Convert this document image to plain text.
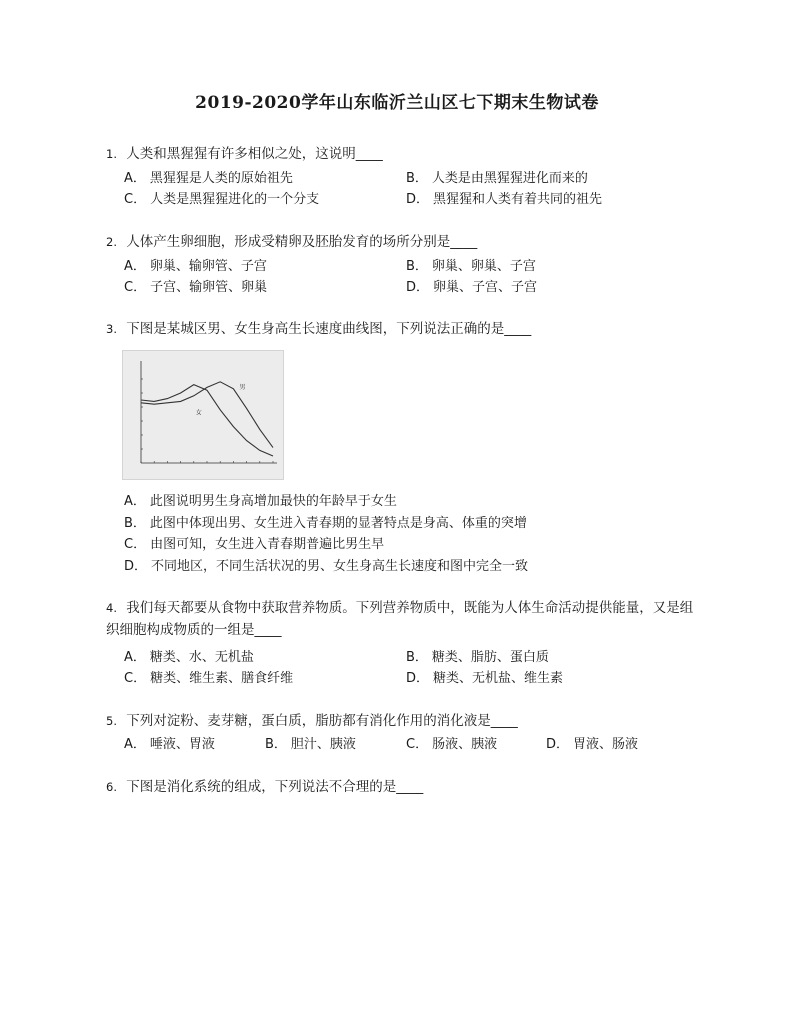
2019-2020学年山东临沂兰山区七下期末生物试卷
1. 人类和黑猩猩有许多相似之处，这说明____
A． 黑猩猩是人类的原始祖先	B． 人类是由黑猩猩进化而来的
C． 人类是黑猩猩进化的一个分支	D． 黑猩猩和人类有着共同的祖先
2. 人体产生卵细胞，形成受精卵及胚胎发育的场所分别是____
A． 卵巢、输卵管、子宫	B． 卵巢、卵巢、子宫
C． 子宫、输卵管、卵巢	D． 卵巢、子宫、子宫
3. 下图是某城区男、女生身高生长速度曲线图，下列说法正确的是____
男
女
A． 此图说明男生身高增加最快的年龄早于女生
B． 此图中体现出男、女生进入青春期的显著特点是身高、体重的突增
C． 由图可知，女生进入青春期普遍比男生早
D． 不同地区，不同生活状况的男、女生身高生长速度和图中完全一致
4. 我们每天都要从食物中获取营养物质。下列营养物质中，既能为人体生命活动提供能量，又是组织细胞构成物质的一组是____
A． 糖类、水、无机盐	B． 糖类、脂肪、蛋白质
C． 糖类、维生素、膳食纤维	D． 糖类、无机盐、维生素
5. 下列对淀粉、麦芽糖，蛋白质，脂肪都有消化作用的消化液是____
A． 唾液、胃液	B． 胆汁、胰液	C． 肠液、胰液	D． 胃液、肠液
6. 下图是消化系统的组成，下列说法不合理的是____
